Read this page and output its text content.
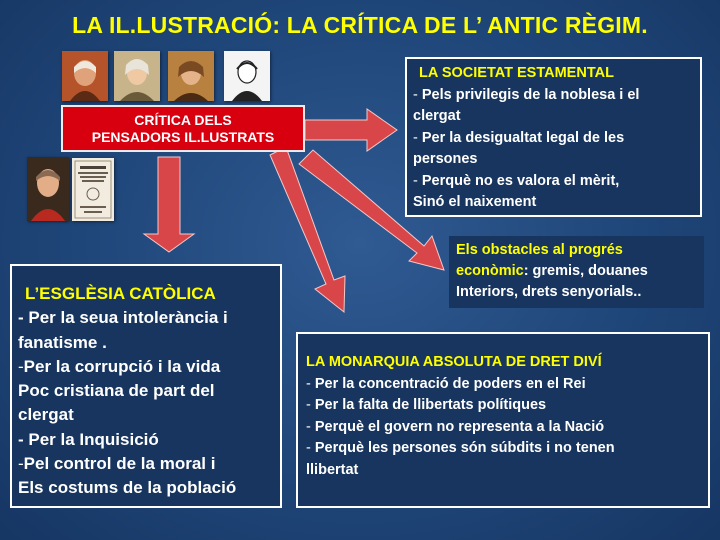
LA IL.LUSTRACIÓ: LA CRÍTICA DE L’ ANTIC RÈGIM.
CRÍTICA DELS
PENSADORS IL.LUSTRATS
LA SOCIETAT ESTAMENTAL
- Pels privilegis de la noblesa i el
clergat
- Per la desigualtat legal de les
persones
- Perquè no es valora el mèrit,
Sinó el naixement
Els obstacles al progrés
econòmic: gremis, douanes
Interiors, drets senyorials..
L’ESGLÈSIA CATÒLICA
- Per la seua intolerància i
fanatisme .
-Per la corrupció i la vida
Poc cristiana de part del
clergat
- Per la Inquisició
-Pel control de la moral i
Els costums de la població
LA MONARQUIA ABSOLUTA DE DRET DIVÍ
- Per la concentració de poders en el Rei
- Per la falta de llibertats polítiques
- Perquè el govern no representa a la Nació
- Perquè les persones són súbdits i no tenen
llibertat
